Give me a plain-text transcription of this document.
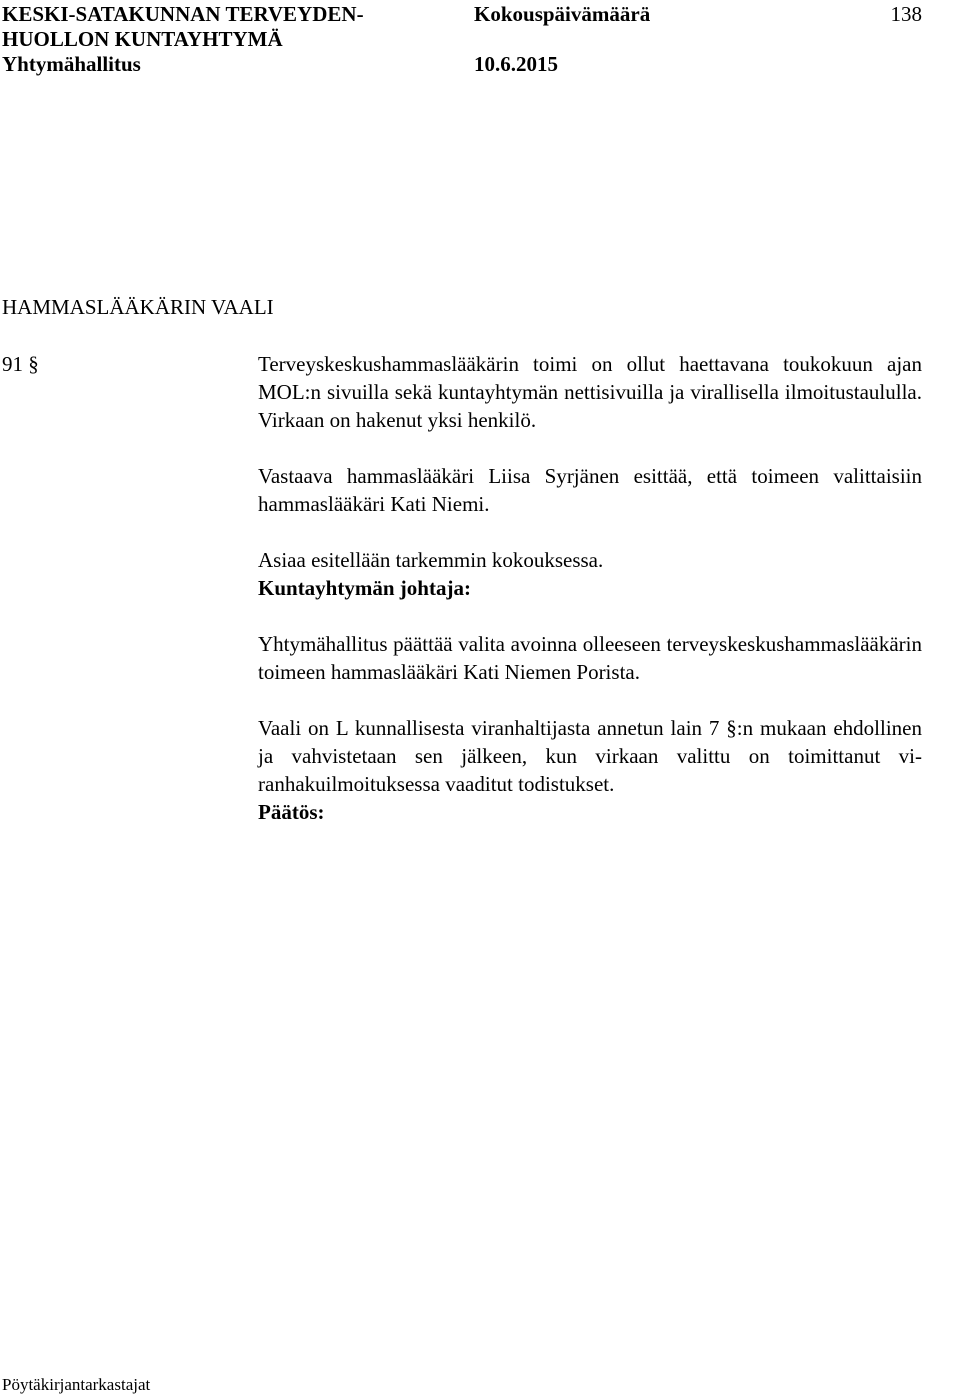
KESKI-SATAKUNNAN TERVEYDEN-
HUOLLON KUNTAYHTYMÄ
Yhtymähallitus
Kokouspäivämäärä
10.6.2015
138
HAMMASLÄÄKÄRIN VAALI
91 §	Terveyskeskushammaslääkärin toimi on ollut haettavana toukokuun ajan MOL:n sivuilla sekä kuntayhtymän nettisivuilla ja virallisella ilmoitustaululla. Virkaan on hakenut yksi henkilö.

Vastaava hammaslääkäri Liisa Syrjänen esittää, että toimeen valittaisiin hammaslääkäri Kati Niemi.

Asiaa esitellään tarkemmin kokouksessa.

Kuntayhtymän johtaja:

Yhtymähallitus päättää valita avoinna olleeseen terveyskeskushammaslääkärin toimeen hammaslääkäri Kati Niemen Porista.

Vaali on L kunnallisesta viranhaltijasta annetun lain 7 §:n mukaan ehdollinen ja vahvistetaan sen jälkeen, kun virkaan valittu on toimittanut viranhakuilmoituksessa vaaditut todistukset.

Päätös:

Pöytäkirjantarkastajat
